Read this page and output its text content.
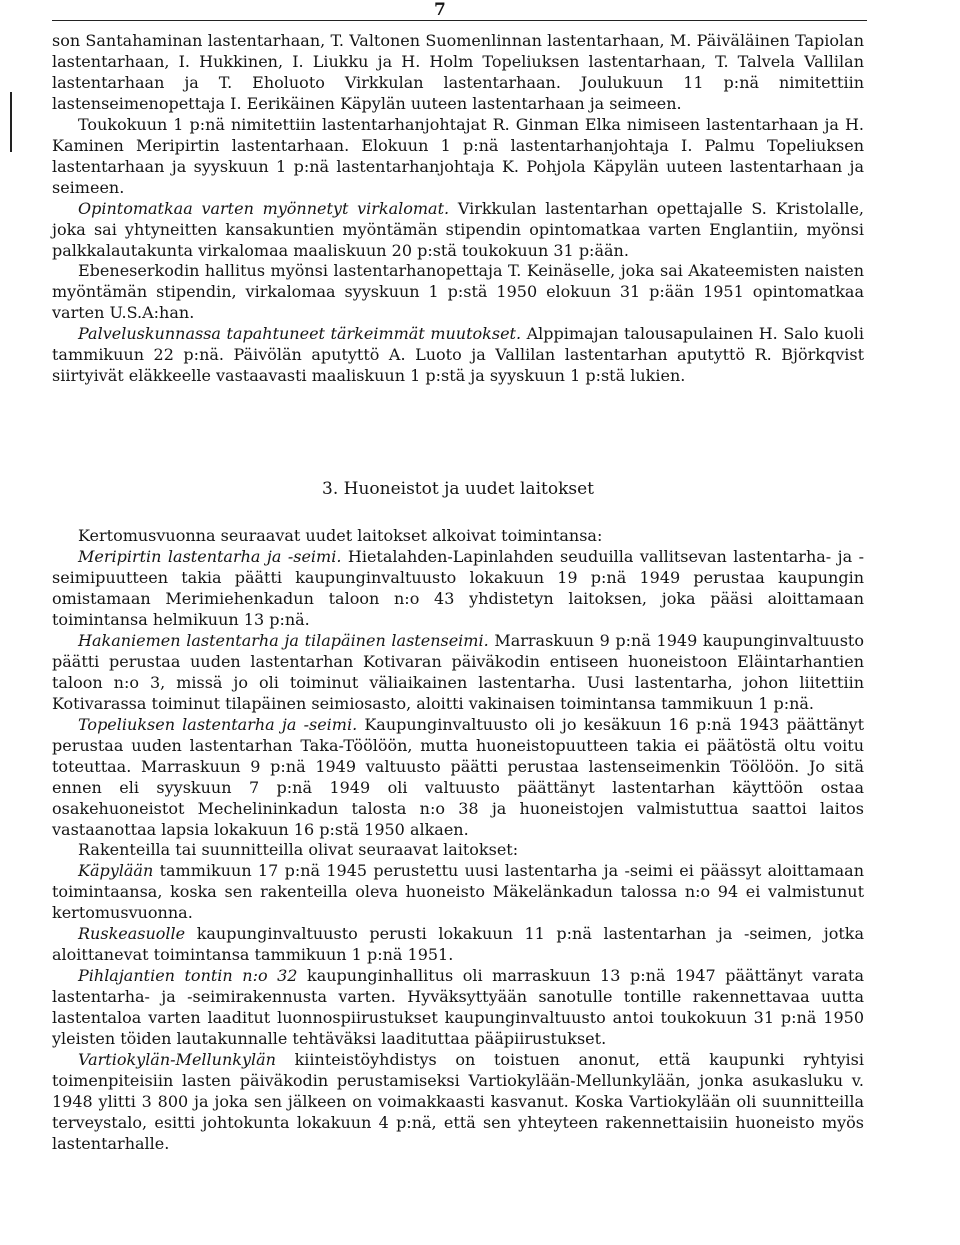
7

son Santahaminan lastentarhaan, T. Valtonen Suomenlinnan lastentarhaan, M. Päiväläinen Tapiolan lastentarhaan, I. Hukkinen, I. Liukku ja H. Holm Topeliuksen lastentarhaan, T. Talvela Vallilan lastentarhaan ja T. Eholuoto Virkkulan lastentarhaan. Joulukuun 11 p:nä nimitettiin lastenseimenopettaja I. Eerikäinen Käpylän uuteen lastentarhaan ja seimeen.

Toukokuun 1 p:nä nimitettiin lastentarhanjohtajat R. Ginman Elka nimiseen lastentarhaan ja H. Kaminen Meripirtin lastentarhaan. Elokuun 1 p:nä lastentarhanjohtaja I. Palmu Topeliuksen lastentarhaan ja syyskuun 1 p:nä lastentarhanjohtaja K. Pohjola Käpylän uuteen lastentarhaan ja seimeen.

Opintomatkaa varten myönnetyt virkalomat. Virkkulan lastentarhan opettajalle S. Kristolalle, joka sai yhtyneitten kansakuntien myöntämän stipendin opintomatkaa varten Englantiin, myönsi palkkalautakunta virkalomaa maaliskuun 20 p:stä toukokuun 31 p:ään.

Ebeneserkodin hallitus myönsi lastentarhanopettaja T. Keinäselle, joka sai Akateemisten naisten myöntämän stipendin, virkalomaa syyskuun 1 p:stä 1950 elokuun 31 p:ään 1951 opintomatkaa varten U.S.A:han.

Palveluskunnassa tapahtuneet tärkeimmät muutokset. Alppimajan talousapulainen H. Salo kuoli tammikuun 22 p:nä. Päivölän aputyttö A. Luoto ja Vallilan lastentarhan aputyttö R. Björkqvist siirtyivät eläkkeelle vastaavasti maaliskuun 1 p:stä ja syyskuun 1 p:stä lukien.

3. Huoneistot ja uudet laitokset

Kertomusvuonna seuraavat uudet laitokset alkoivat toimintansa:

Meripirtin lastentarha ja -seimi. Hietalahden-Lapinlahden seuduilla vallitsevan lastentarha- ja -seimipuutteen takia päätti kaupunginvaltuusto lokakuun 19 p:nä 1949 perustaa kaupungin omistamaan Merimiehenkadun taloon n:o 43 yhdistetyn laitoksen, joka pääsi aloittamaan toimintansa helmikuun 13 p:nä.

Hakaniemen lastentarha ja tilapäinen lastenseimi. Marraskuun 9 p:nä 1949 kaupunginvaltuusto päätti perustaa uuden lastentarhan Kotivaran päiväkodin entiseen huoneistoon Eläintarhantien taloon n:o 3, missä jo oli toiminut väliaikainen lastentarha. Uusi lastentarha, johon liitettiin Kotivarassa toiminut tilapäinen seimiosasto, aloitti vakinaisen toimintansa tammikuun 1 p:nä.

Topeliuksen lastentarha ja -seimi. Kaupunginvaltuusto oli jo kesäkuun 16 p:nä 1943 päättänyt perustaa uuden lastentarhan Taka-Töölöön, mutta huoneistopuutteen takia ei päätöstä oltu voitu toteuttaa. Marraskuun 9 p:nä 1949 valtuusto päätti perustaa lastenseimenkin Töölöön. Jo sitä ennen eli syyskuun 7 p:nä 1949 oli valtuusto päättänyt lastentarhan käyttöön ostaa osakehuoneistot Mechelininkadun talosta n:o 38 ja huoneistojen valmistuttua saattoi laitos vastaanottaa lapsia lokakuun 16 p:stä 1950 alkaen.

Rakenteilla tai suunnitteilla olivat seuraavat laitokset:

Käpylään tammikuun 17 p:nä 1945 perustettu uusi lastentarha ja -seimi ei päässyt aloittamaan toimintaansa, koska sen rakenteilla oleva huoneisto Mäkelänkadun talossa n:o 94 ei valmistunut kertomusvuonna.

Ruskeasuolle kaupunginvaltuusto perusti lokakuun 11 p:nä lastentarhan ja -seimen, jotka aloittanevat toimintansa tammikuun 1 p:nä 1951.

Pihlajantien tontin n:o 32 kaupunginhallitus oli marraskuun 13 p:nä 1947 päättänyt varata lastentarha- ja -seimirakennusta varten. Hyväksyttyään sanotulle tontille rakennettavaa uutta lastentaloa varten laaditut luonnospiirustukset kaupunginvaltuusto antoi toukokuun 31 p:nä 1950 yleisten töiden lautakunnalle tehtäväksi laadituttaa pääpiirustukset.

Vartiokylän-Mellunkylän kiinteistöyhdistys on toistuen anonut, että kaupunki ryhtyisi toimenpiteisiin lasten päiväkodin perustamiseksi Vartiokylään-Mellunkylään, jonka asukasluku v. 1948 ylitti 3 800 ja joka sen jälkeen on voimakkaasti kasvanut. Koska Vartiokylään oli suunnitteilla terveystalo, esitti johtokunta lokakuun 4 p:nä, että sen yhteyteen rakennettaisiin huoneisto myös lastentarhalle.
